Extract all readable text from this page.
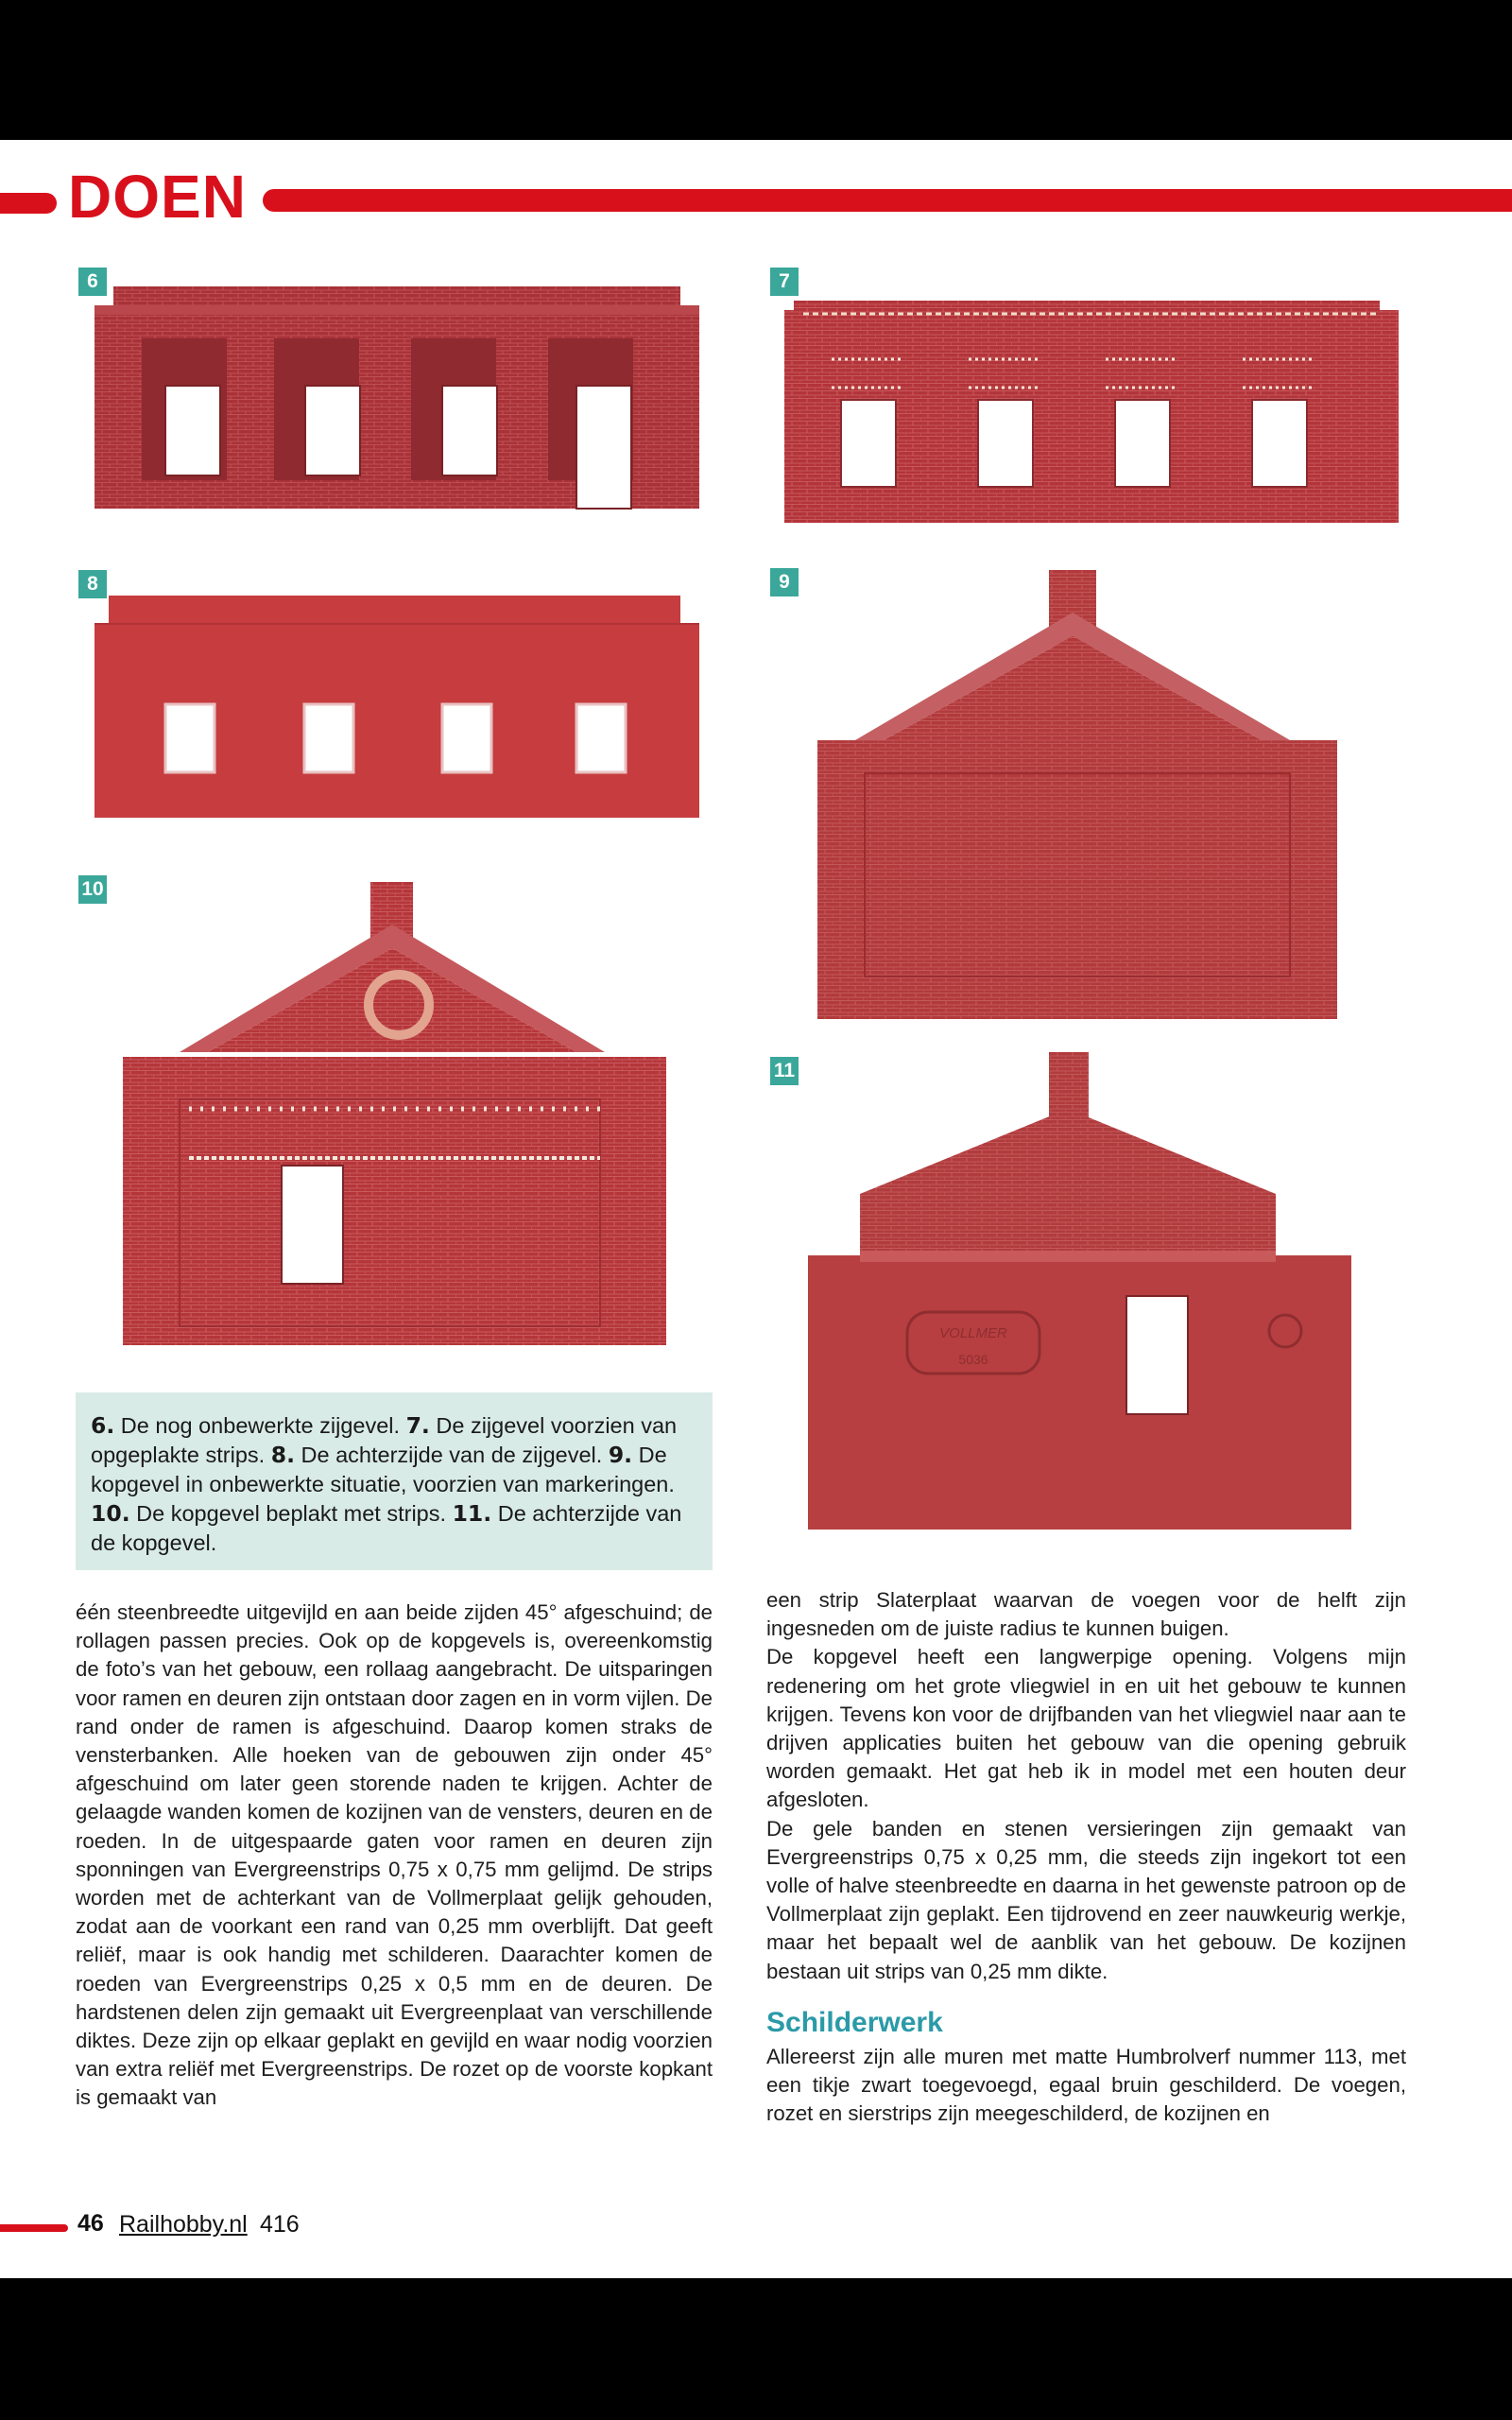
DOEN
6	7
8	9
10
VOLLMER
5036
11
6. De nog onbewerkte zijgevel. 7. De zijgevel voorzien van opgeplakte strips. 8. De achterzijde van de zijgevel. 9. De kopgevel in onbewerkte situatie, voorzien van markeringen. 10. De kopgevel beplakt met strips. 11. De achterzijde van de kopgevel.

één steenbreedte uitgevijld en aan beide zijden 45° afgeschuind; de rollagen passen precies. Ook op de kopgevels is, overeenkomstig de foto’s van het gebouw, een rollaag aangebracht. De uitsparingen voor ramen en deuren zijn ontstaan door zagen en in vorm vijlen. De rand onder de ramen is afgeschuind. Daarop komen straks de vensterbanken. Alle hoeken van de gebouwen zijn onder 45° afgeschuind om later geen storende naden te krijgen. Achter de gelaagde wanden komen de kozijnen van de vensters, deuren en de roeden. In de uitgespaarde gaten voor ramen en deuren zijn sponningen van Evergreenstrips 0,75 x 0,75 mm gelijmd. De strips worden met de achterkant van de Vollmerplaat gelijk gehouden, zodat aan de voorkant een rand van 0,25 mm overblijft. Dat geeft reliëf, maar is ook handig met schilderen. Daarachter komen de roeden van Evergreenstrips 0,25 x 0,5 mm en de deuren. De hardstenen delen zijn gemaakt uit Evergreenplaat van verschillende diktes. Deze zijn op elkaar geplakt en gevijld en waar nodig voorzien van extra reliëf met Evergreenstrips. De rozet op de voorste kopkant is gemaakt van

een strip Slaterplaat waarvan de voegen voor de helft zijn ingesneden om de juiste radius te kunnen buigen.

De kopgevel heeft een langwerpige opening. Volgens mijn redenering om het grote vliegwiel in en uit het gebouw te kunnen krijgen. Tevens kon voor de drijfbanden van het vliegwiel naar aan te drijven applicaties buiten het gebouw van die opening gebruik worden gemaakt. Het gat heb ik in model met een houten deur afgesloten.

De gele banden en stenen versieringen zijn gemaakt van Evergreenstrips 0,75 x 0,25 mm, die steeds zijn ingekort tot een volle of halve steenbreedte en daarna in het gewenste patroon op de Vollmerplaat zijn geplakt. Een tijdrovend en zeer nauwkeurig werkje, maar het bepaalt wel de aanblik van het gebouw. De kozijnen bestaan uit strips van 0,25 mm dikte.

Schilderwerk

Allereerst zijn alle muren met matte Humbrolverf nummer 113, met een tikje zwart toegevoegd, egaal bruin geschilderd. De voegen, rozet en sierstrips zijn meegeschilderd, de kozijnen en

46 Railhobby.nl 416
